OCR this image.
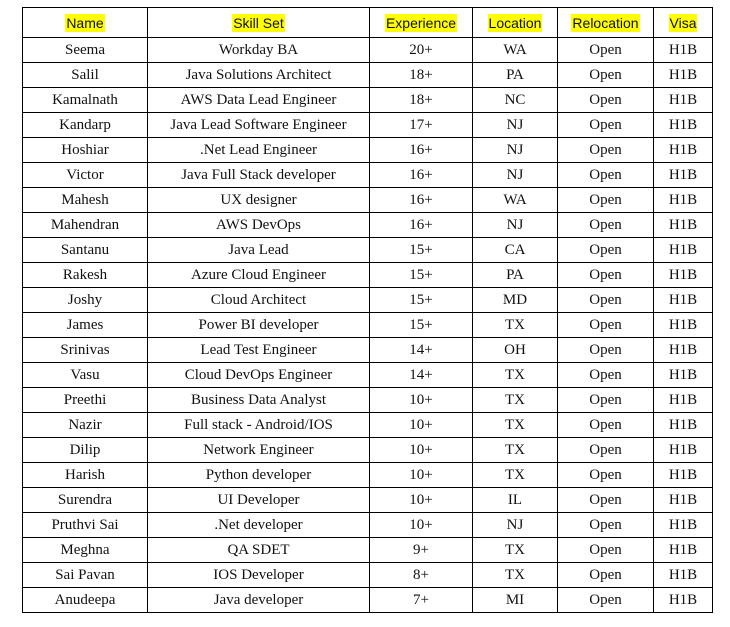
Name	Skill Set	Experience	Location	Relocation	Visa
Seema	Workday BA	20+	WA	Open	H1B
Salil	Java Solutions Architect	18+	PA	Open	H1B
Kamalnath	AWS Data Lead Engineer	18+	NC	Open	H1B
Kandarp	Java Lead Software Engineer	17+	NJ	Open	H1B
Hoshiar	.Net Lead Engineer	16+	NJ	Open	H1B
Victor	Java Full Stack developer	16+	NJ	Open	H1B
Mahesh	UX designer	16+	WA	Open	H1B
Mahendran	AWS DevOps	16+	NJ	Open	H1B
Santanu	Java Lead	15+	CA	Open	H1B
Rakesh	Azure Cloud Engineer	15+	PA	Open	H1B
Joshy	Cloud Architect	15+	MD	Open	H1B
James	Power BI developer	15+	TX	Open	H1B
Srinivas	Lead Test Engineer	14+	OH	Open	H1B
Vasu	Cloud DevOps Engineer	14+	TX	Open	H1B
Preethi	Business Data Analyst	10+	TX	Open	H1B
Nazir	Full stack - Android/IOS	10+	TX	Open	H1B
Dilip	Network Engineer	10+	TX	Open	H1B
Harish	Python developer	10+	TX	Open	H1B
Surendra	UI Developer	10+	IL	Open	H1B
Pruthvi Sai	.Net developer	10+	NJ	Open	H1B
Meghna	QA SDET	9+	TX	Open	H1B
Sai Pavan	IOS Developer	8+	TX	Open	H1B
Anudeepa	Java developer	7+	MI	Open	H1B
